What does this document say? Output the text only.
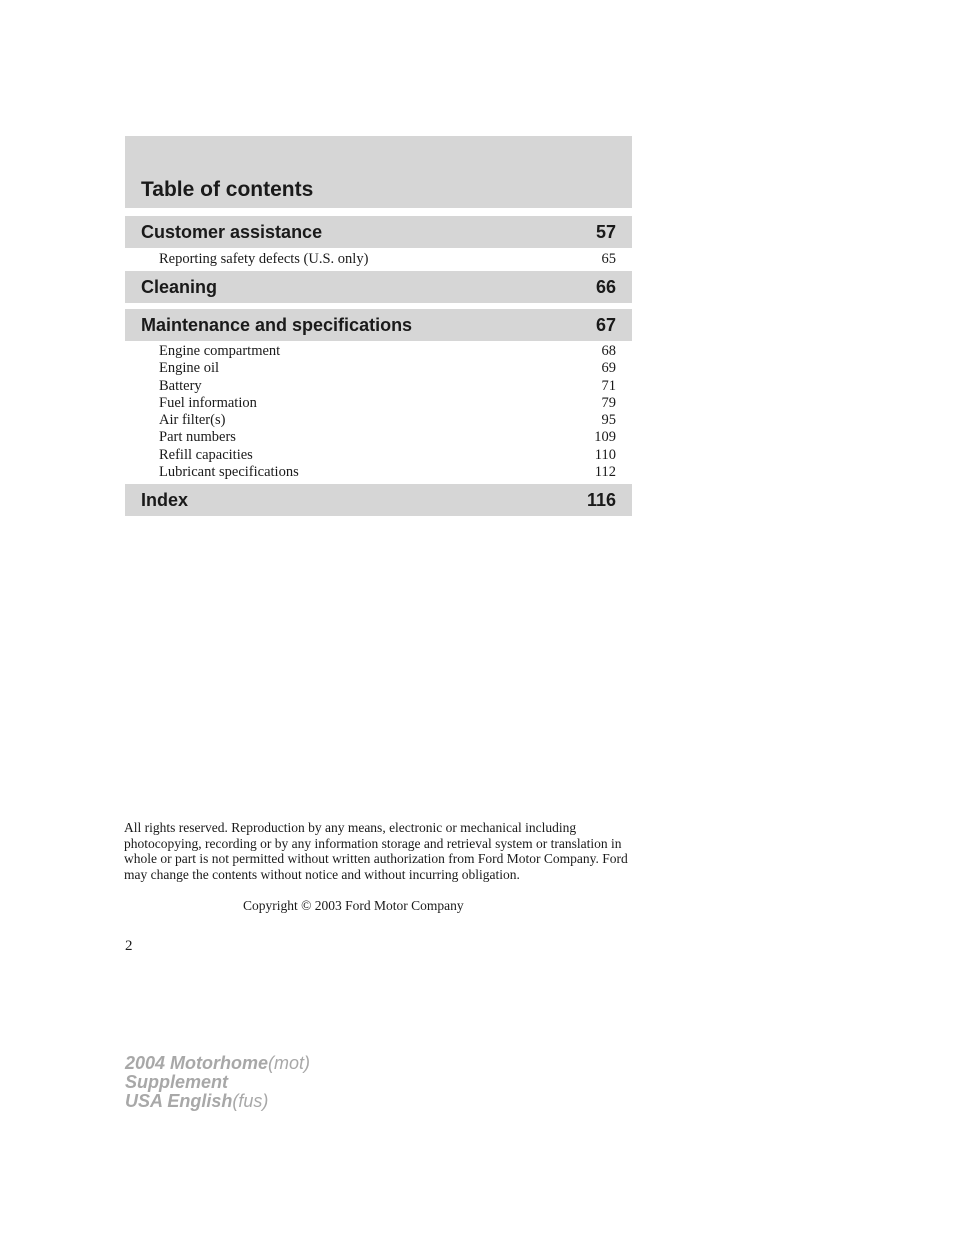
Table of contents
Customer assistance	57
Reporting safety defects (U.S. only)	65
Cleaning	66
Maintenance and specifications	67
Engine compartment	68
Engine oil	69
Battery	71
Fuel information	79
Air filter(s)	95
Part numbers	109
Refill capacities	110
Lubricant specifications	112
Index	116
All rights reserved. Reproduction by any means, electronic or mechanical including photocopying, recording or by any information storage and retrieval system or translation in whole or part is not permitted without written authorization from Ford Motor Company. Ford may change the contents without notice and without incurring obligation.
Copyright © 2003 Ford Motor Company
2
2004 Motorhome(mot)
Supplement
USA English(fus)
